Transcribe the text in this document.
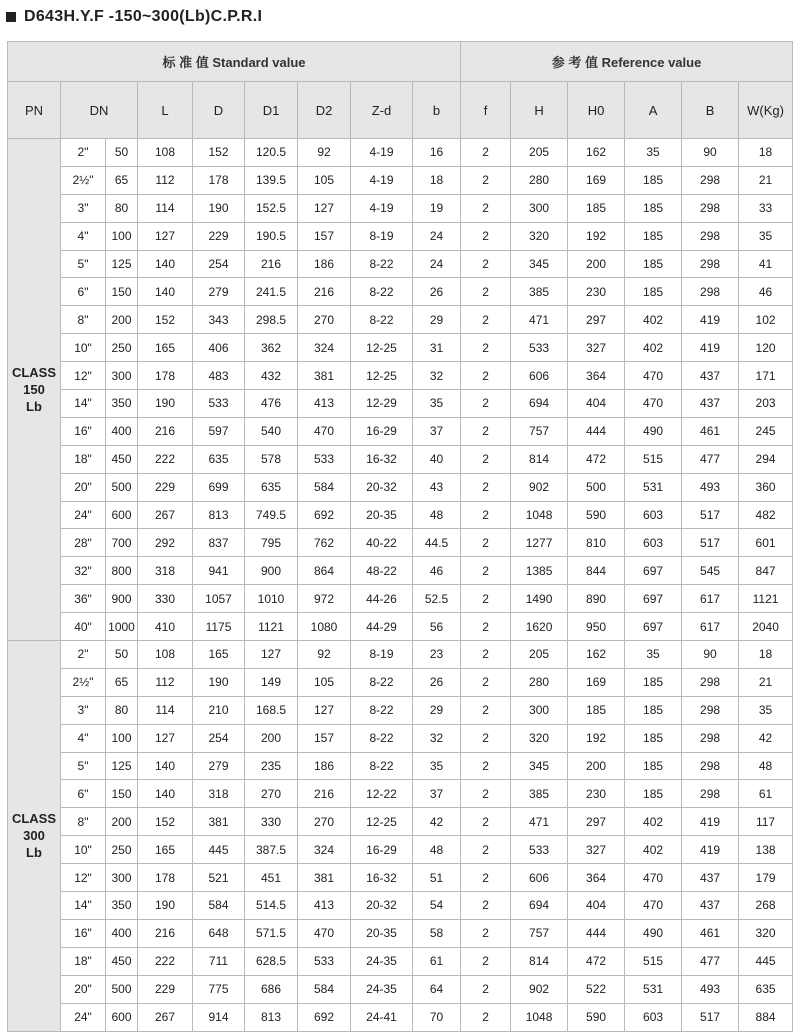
D643H.Y.F -150~300(Lb)C.P.R.I
标 准 值 Standard value									参 考 值 Reference value					
PN	DN		L	D	D1	D2	Z-d	b	f	H	H0	A	B	W(Kg)

CLASS
150
Lb	2"	50	108	152	120.5	92	4-19	16	2	205	162	35	90	18
	2½"	65	112	178	139.5	105	4-19	18	2	280	169	185	298	21
	3"	80	114	190	152.5	127	4-19	19	2	300	185	185	298	33
	4"	100	127	229	190.5	157	8-19	24	2	320	192	185	298	35
	5"	125	140	254	216	186	8-22	24	2	345	200	185	298	41
	6"	150	140	279	241.5	216	8-22	26	2	385	230	185	298	46
	8"	200	152	343	298.5	270	8-22	29	2	471	297	402	419	102
	10"	250	165	406	362	324	12-25	31	2	533	327	402	419	120
	12"	300	178	483	432	381	12-25	32	2	606	364	470	437	171
	14"	350	190	533	476	413	12-29	35	2	694	404	470	437	203
	16"	400	216	597	540	470	16-29	37	2	757	444	490	461	245
	18"	450	222	635	578	533	16-32	40	2	814	472	515	477	294
	20"	500	229	699	635	584	20-32	43	2	902	500	531	493	360
	24"	600	267	813	749.5	692	20-35	48	2	1048	590	603	517	482
	28"	700	292	837	795	762	40-22	44.5	2	1277	810	603	517	601
	32"	800	318	941	900	864	48-22	46	2	1385	844	697	545	847
	36"	900	330	1057	1010	972	44-26	52.5	2	1490	890	697	617	1121
	40"	1000	410	1175	1121	1080	44-29	56	2	1620	950	697	617	2040

CLASS
300
Lb	2"	50	108	165	127	92	8-19	23	2	205	162	35	90	18
	2½"	65	112	190	149	105	8-22	26	2	280	169	185	298	21
	3"	80	114	210	168.5	127	8-22	29	2	300	185	185	298	35
	4"	100	127	254	200	157	8-22	32	2	320	192	185	298	42
	5"	125	140	279	235	186	8-22	35	2	345	200	185	298	48
	6"	150	140	318	270	216	12-22	37	2	385	230	185	298	61
	8"	200	152	381	330	270	12-25	42	2	471	297	402	419	117
	10"	250	165	445	387.5	324	16-29	48	2	533	327	402	419	138
	12"	300	178	521	451	381	16-32	51	2	606	364	470	437	179
	14"	350	190	584	514.5	413	20-32	54	2	694	404	470	437	268
	16"	400	216	648	571.5	470	20-35	58	2	757	444	490	461	320
	18"	450	222	711	628.5	533	24-35	61	2	814	472	515	477	445
	20"	500	229	775	686	584	24-35	64	2	902	522	531	493	635
	24"	600	267	914	813	692	24-41	70	2	1048	590	603	517	884
